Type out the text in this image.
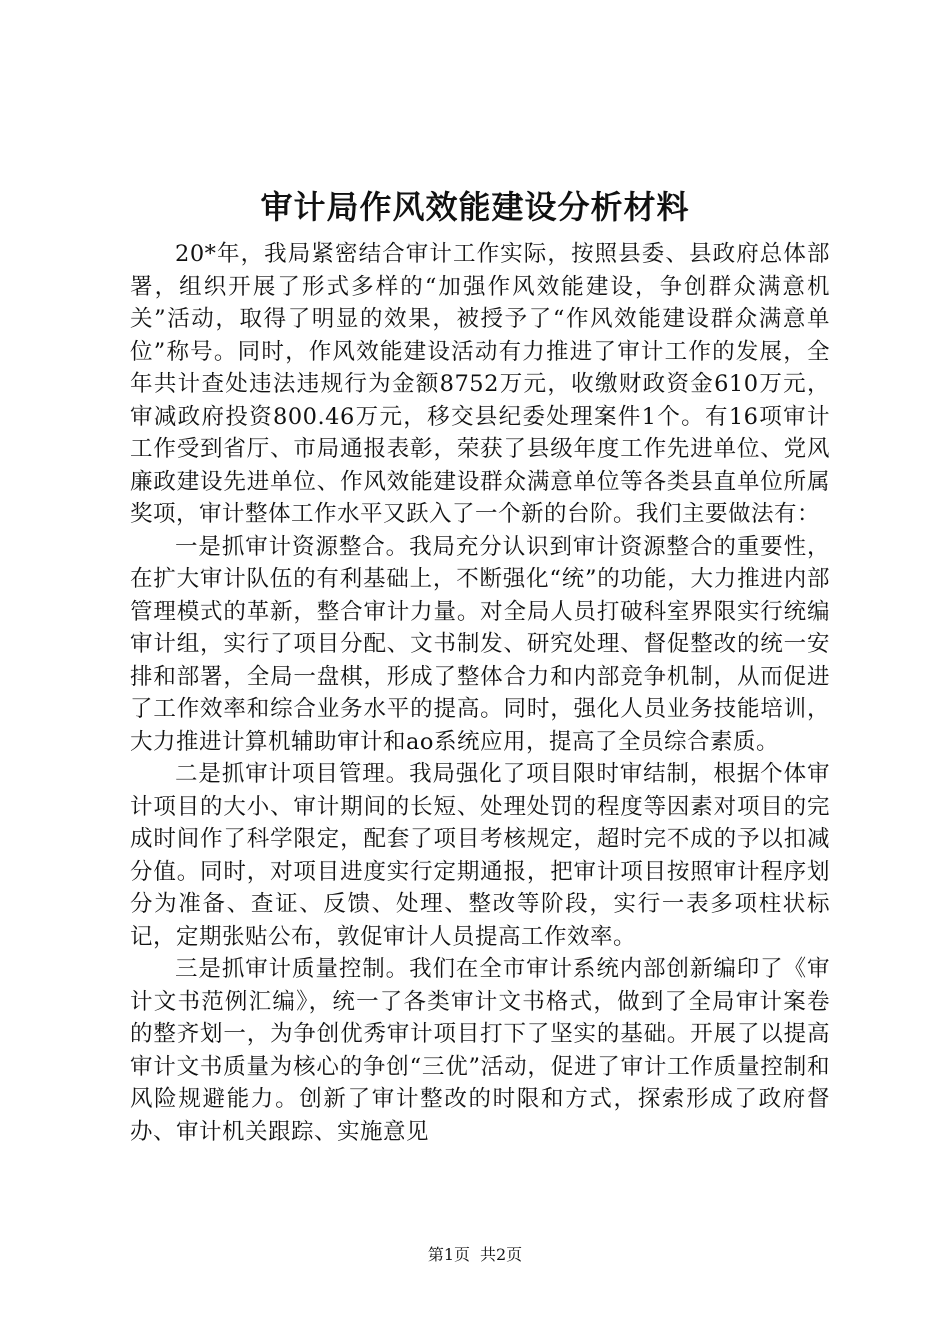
审计局作风效能建设分析材料

20*年，我局紧密结合审计工作实际，按照县委、县政府总体部署，组织开展了形式多样的“加强作风效能建设，争创群众满意机关”活动，取得了明显的效果，被授予了“作风效能建设群众满意单位”称号。同时，作风效能建设活动有力推进了审计工作的发展，全年共计查处违法违规行为金额8752万元，收缴财政资金610万元，审减政府投资800.46万元，移交县纪委处理案件1个。有16项审计工作受到省厅、市局通报表彰，荣获了县级年度工作先进单位、党风廉政建设先进单位、作风效能建设群众满意单位等各类县直单位所属奖项，审计整体工作水平又跃入了一个新的台阶。我们主要做法有：

一是抓审计资源整合。我局充分认识到审计资源整合的重要性，在扩大审计队伍的有利基础上，不断强化“统”的功能，大力推进内部管理模式的革新，整合审计力量。对全局人员打破科室界限实行统编审计组，实行了项目分配、文书制发、研究处理、督促整改的统一安排和部署，全局一盘棋，形成了整体合力和内部竞争机制，从而促进了工作效率和综合业务水平的提高。同时，强化人员业务技能培训，大力推进计算机辅助审计和ao系统应用，提高了全员综合素质。

二是抓审计项目管理。我局强化了项目限时审结制，根据个体审计项目的大小、审计期间的长短、处理处罚的程度等因素对项目的完成时间作了科学限定，配套了项目考核规定，超时完不成的予以扣减分值。同时，对项目进度实行定期通报，把审计项目按照审计程序划分为准备、查证、反馈、处理、整改等阶段，实行一表多项柱状标记，定期张贴公布，敦促审计人员提高工作效率。

三是抓审计质量控制。我们在全市审计系统内部创新编印了《审计文书范例汇编》，统一了各类审计文书格式，做到了全局审计案卷的整齐划一，为争创优秀审计项目打下了坚实的基础。开展了以提高审计文书质量为核心的争创“三优”活动，促进了审计工作质量控制和风险规避能力。创新了审计整改的时限和方式，探索形成了政府督办、审计机关跟踪、实施意见

第1页 共2页
